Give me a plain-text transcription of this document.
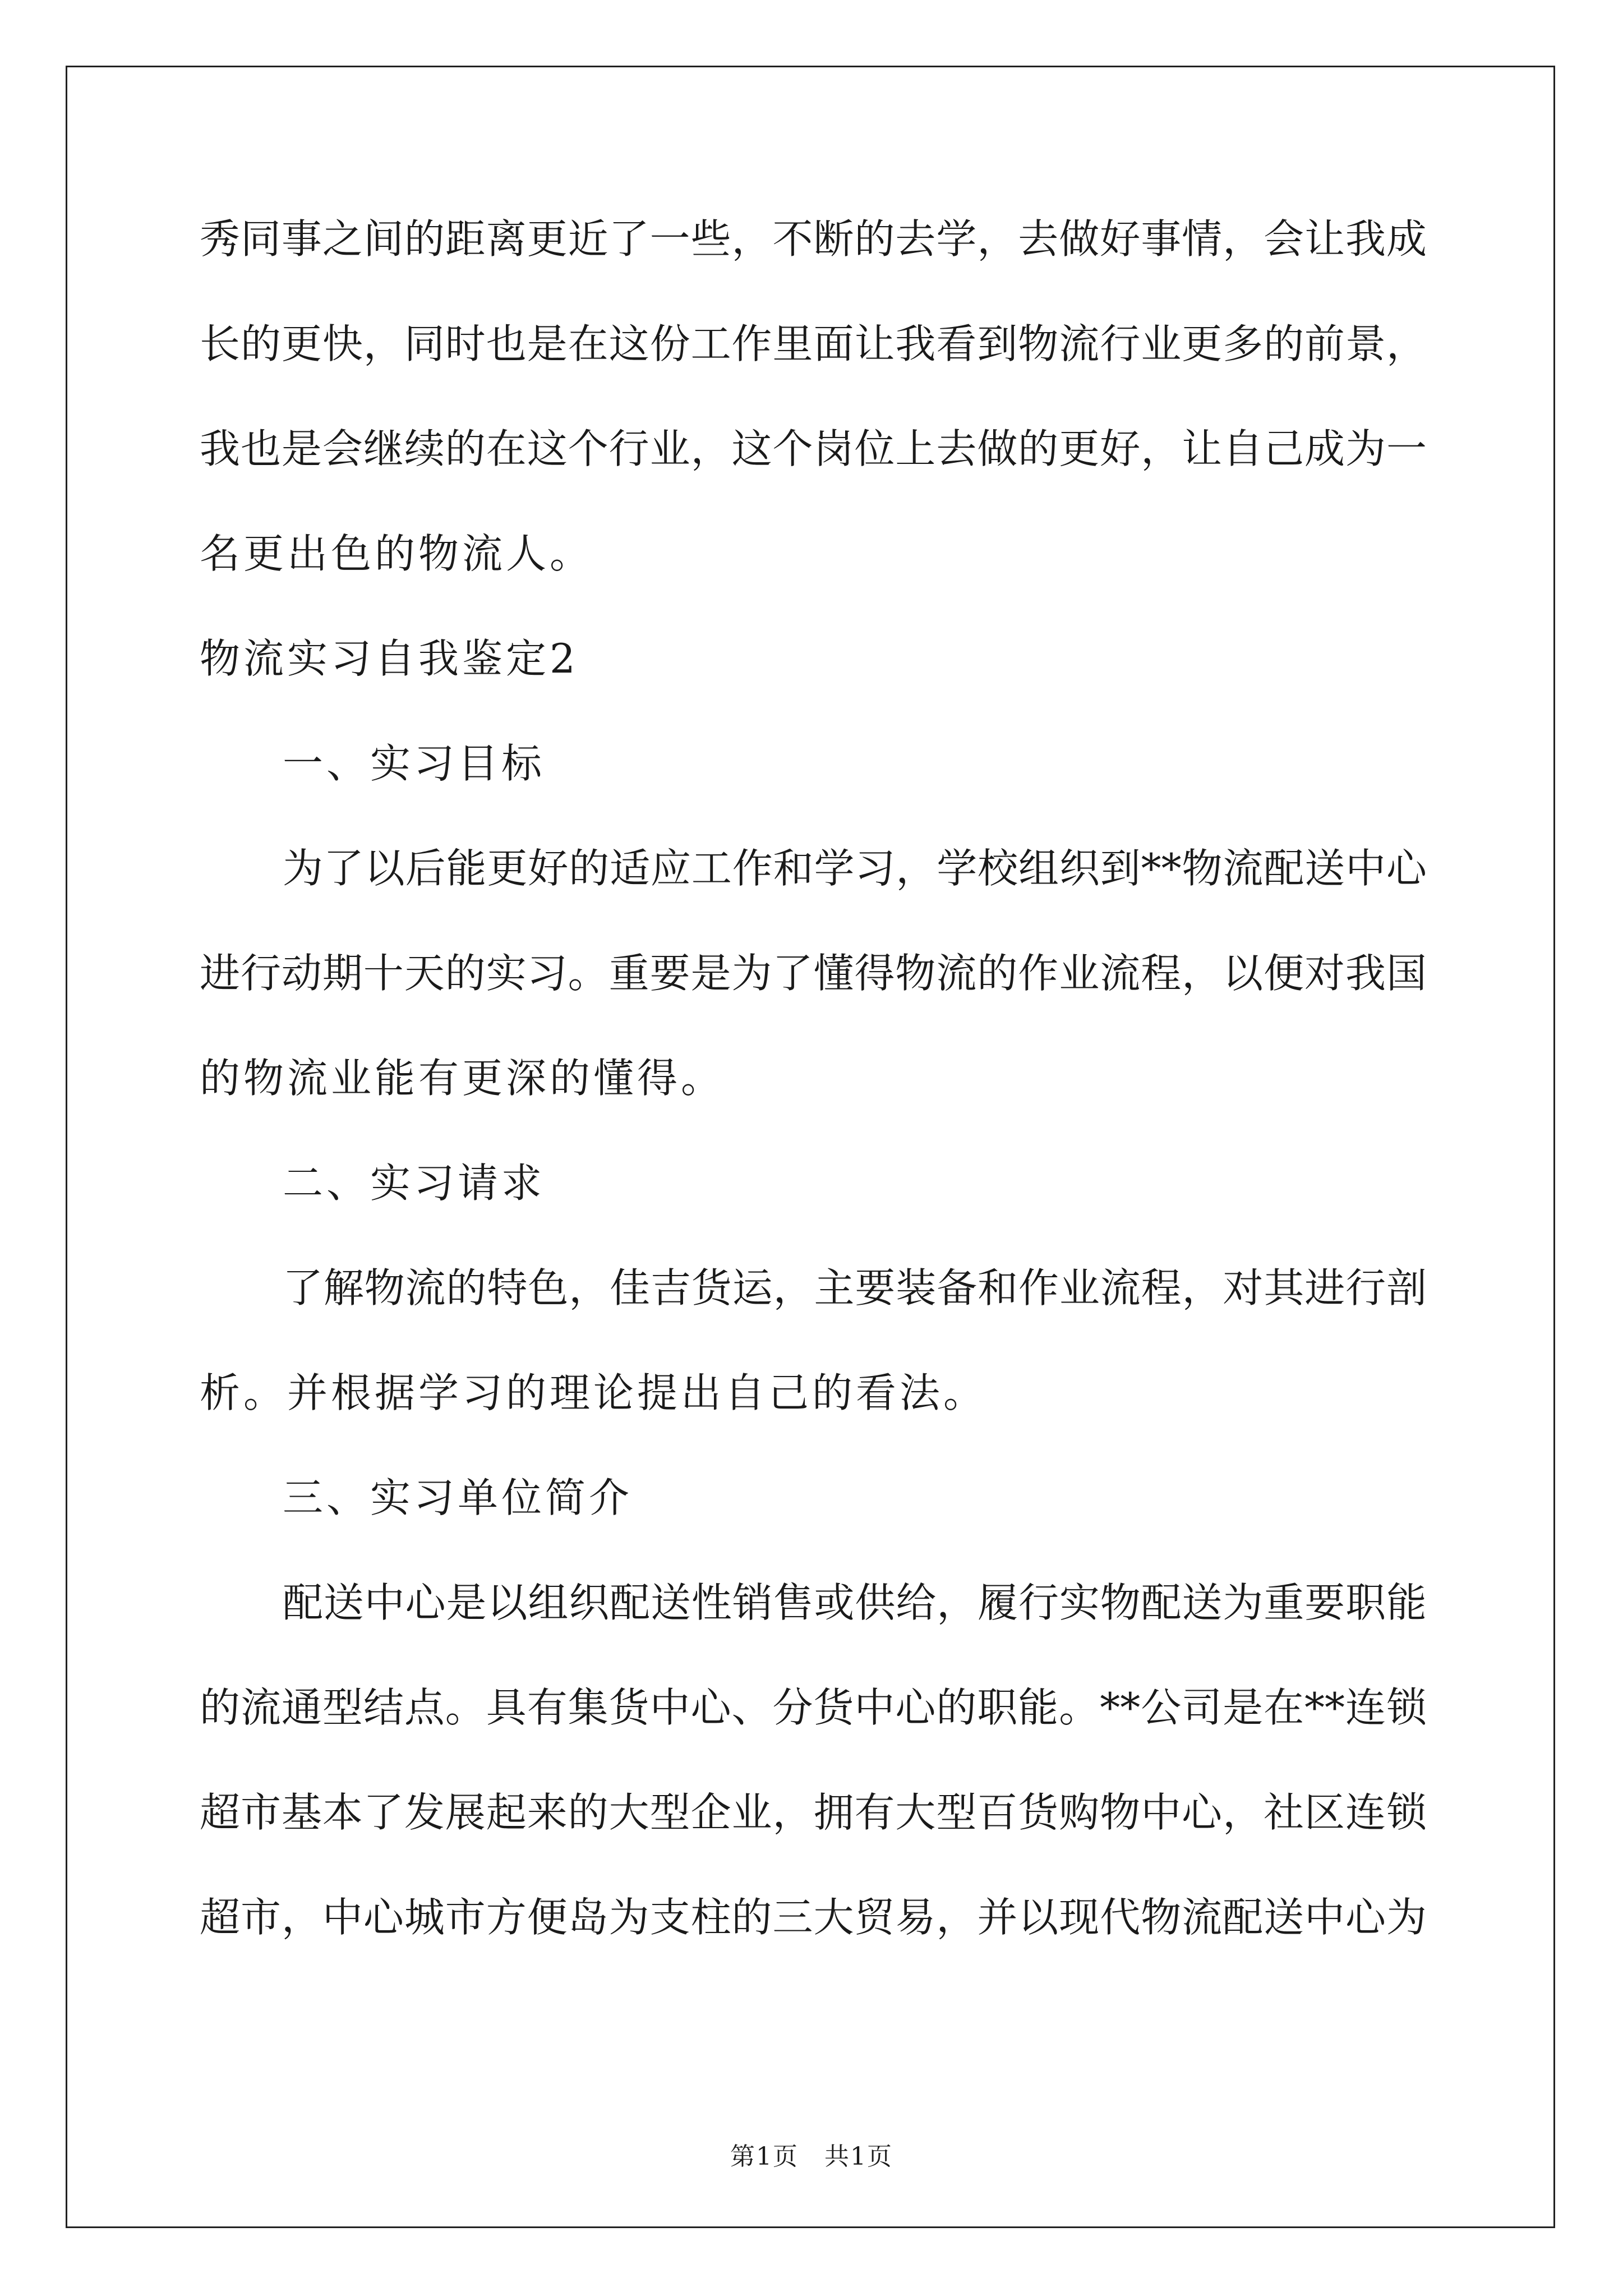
秀同事之间的距离更近了一些，不断的去学，去做好事情，会让我成
长的更快，同时也是在这份工作里面让我看到物流行业更多的前景，
我也是会继续的在这个行业，这个岗位上去做的更好，让自己成为一
名更出色的物流人。
物流实习自我鉴定2
一、实习目标
为了以后能更好的适应工作和学习，学校组织到**物流配送中心
进行动期十天的实习。重要是为了懂得物流的作业流程，以便对我国
的物流业能有更深的懂得。
二、实习请求
了解物流的特色，佳吉货运，主要装备和作业流程，对其进行剖
析。并根据学习的理论提出自己的看法。
三、实习单位简介
配送中心是以组织配送性销售或供给，履行实物配送为重要职能
的流通型结点。具有集货中心、分货中心的职能。**公司是在**连锁
超市基本了发展起来的大型企业，拥有大型百货购物中心，社区连锁
超市，中心城市方便岛为支柱的三大贸易，并以现代物流配送中心为
第1页　共1页
